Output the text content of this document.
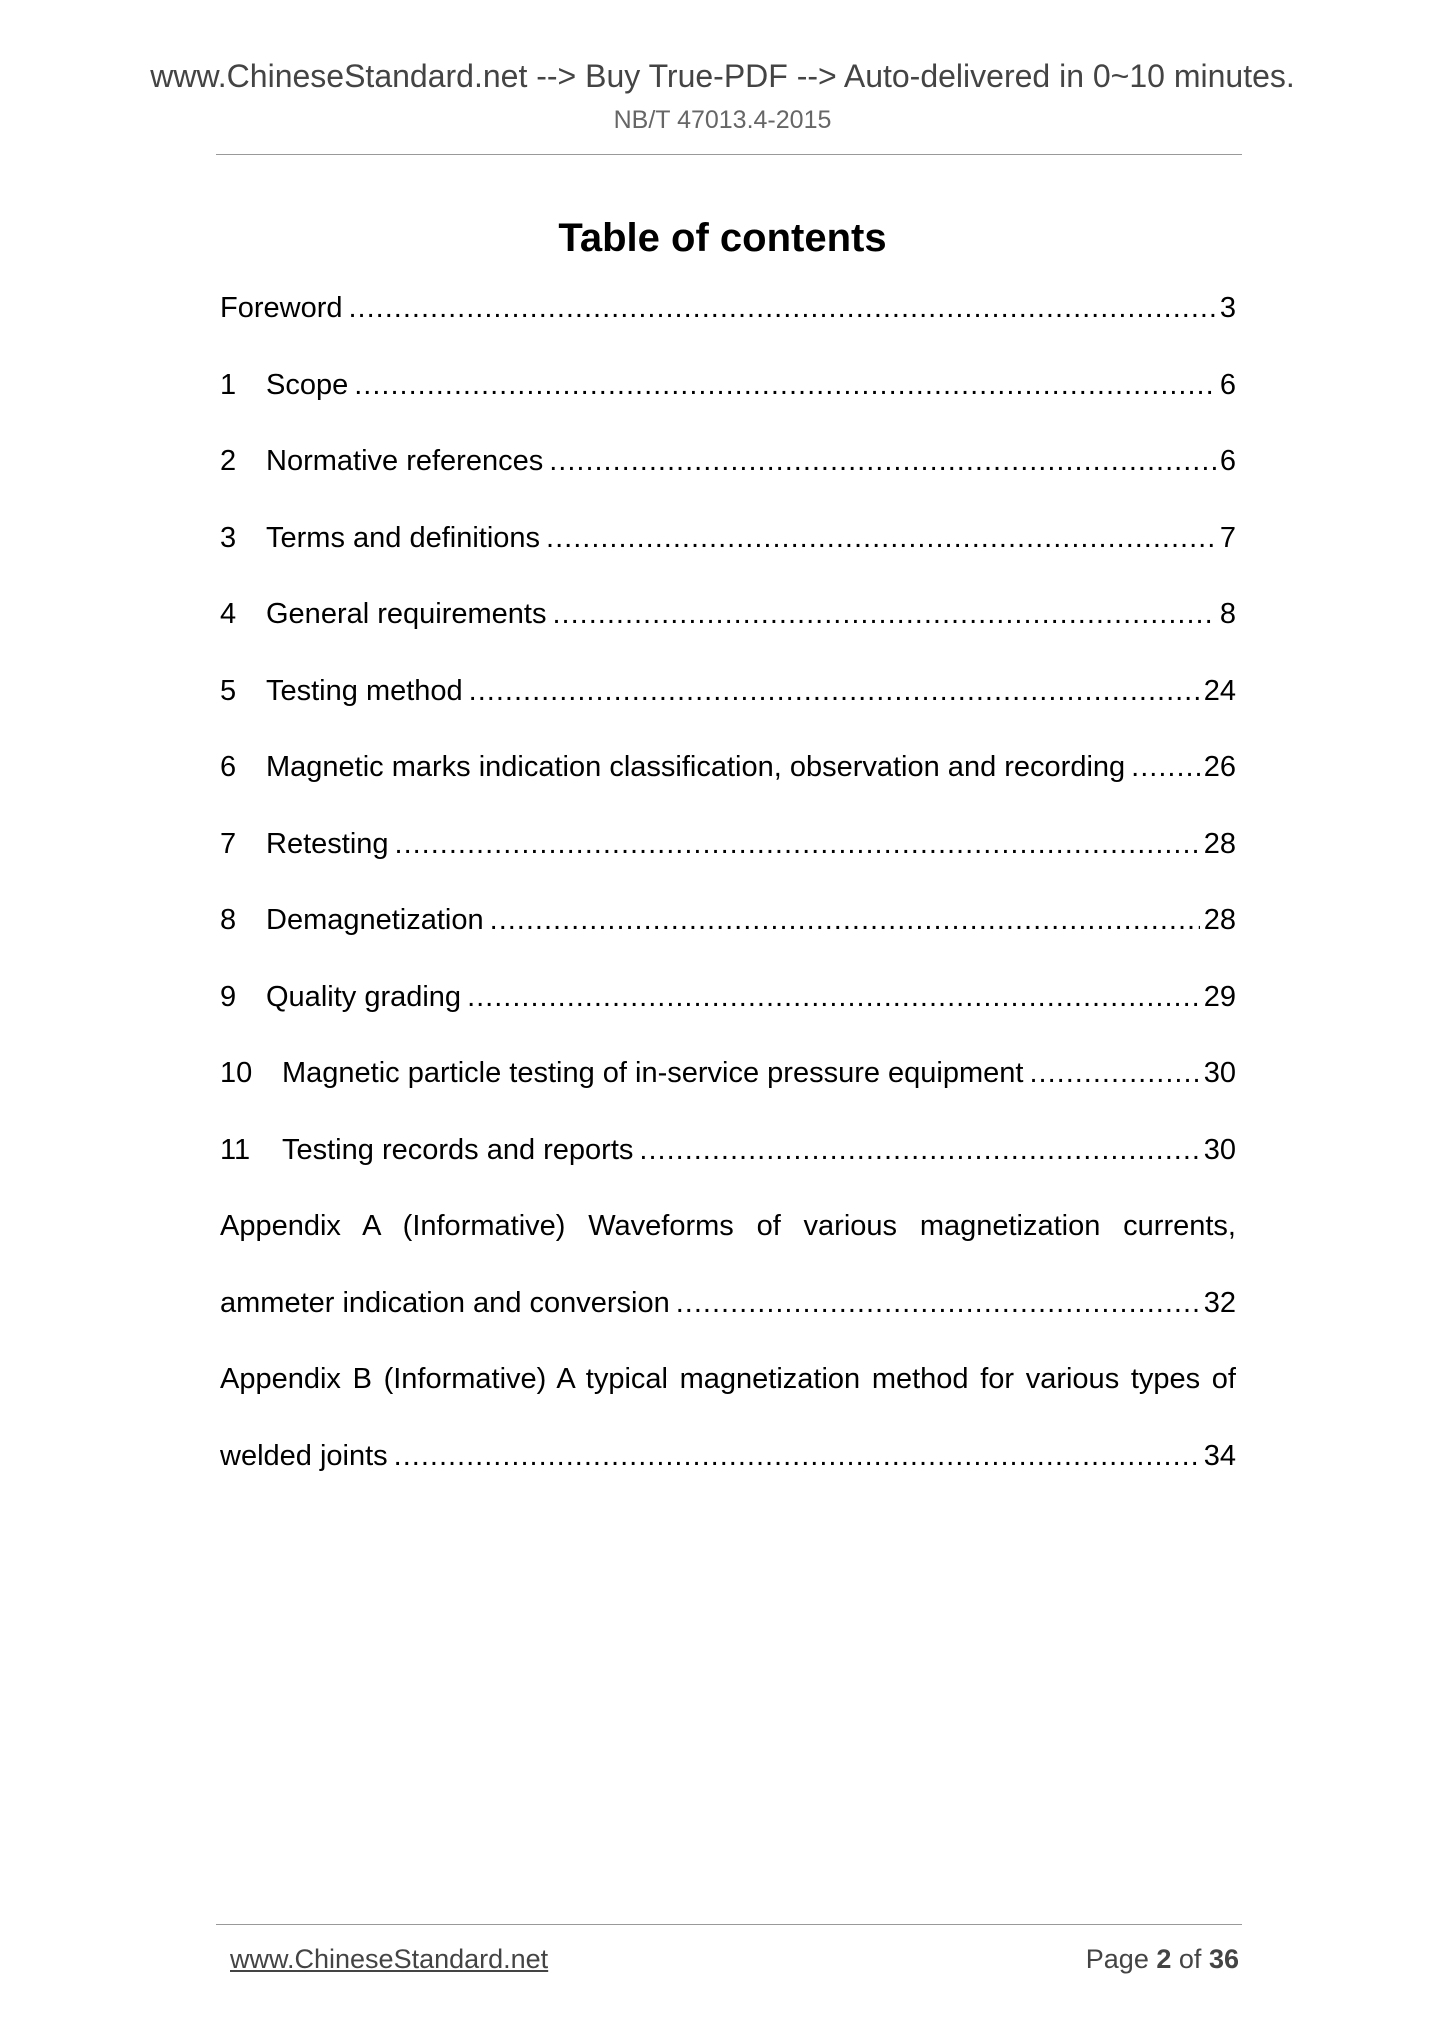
www.ChineseStandard.net --> Buy True-PDF --> Auto-delivered in 0~10 minutes.
NB/T 47013.4-2015
Table of contents
Foreword .....	3
1	Scope .....	6
2	Normative references .....	6
3	Terms and definitions .....	7
4	General requirements .....	8
5	Testing method .....	24
6	Magnetic marks indication classification, observation and recording .....	26
7	Retesting .....	28
8	Demagnetization .....	28
9	Quality grading .....	29
10	Magnetic particle testing of in-service pressure equipment .....	30
11	Testing records and reports .....	30
Appendix A (Informative) Waveforms of various magnetization currents,
ammeter indication and conversion .....	32
Appendix B (Informative) A typical magnetization method for various types of
welded joints .....	34
www.ChineseStandard.net	Page 2 of 36
